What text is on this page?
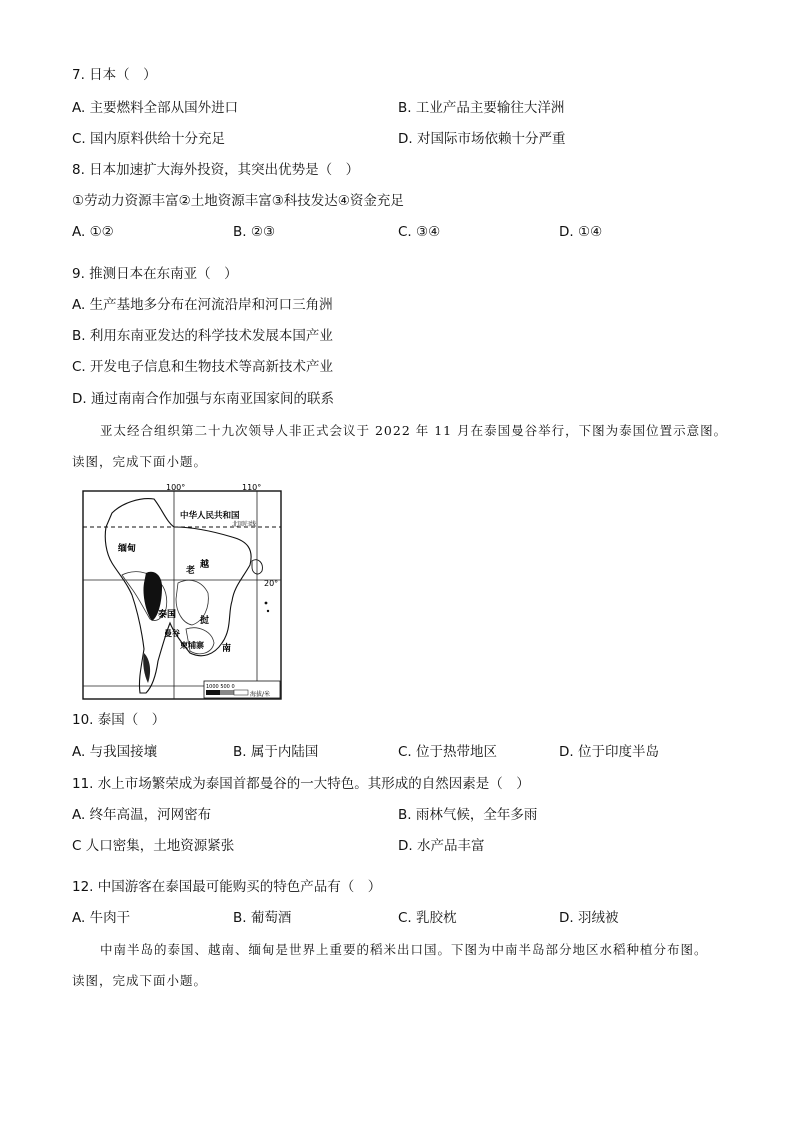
7. 日本（　）
A. 主要燃料全部从国外进口	B. 工业产品主要输往大洋洲
C. 国内原料供给十分充足	D. 对国际市场依赖十分严重
8. 日本加速扩大海外投资，其突出优势是（　）
①劳动力资源丰富②土地资源丰富③科技发达④资金充足
A. ①②	B. ②③	C. ③④	D. ①④
9. 推测日本在东南亚（　）
A. 生产基地多分布在河流沿岸和河口三角洲
B. 利用东南亚发达的科学技术发展本国产业
C. 开发电子信息和生物技术等高新技术产业
D. 通过南南合作加强与东南亚国家间的联系
亚太经合组织第二十九次领导人非正式会议于 2022 年 11 月在泰国曼谷举行，下图为泰国位置示意图。
读图，完成下面小题。
100°	110°
20°
中华人民共和国
北回归线
缅甸
老
越
挝
泰国
曼谷
柬埔寨 南
1000 500 0
海拔/米
10. 泰国（　）
A. 与我国接壤	B. 属于内陆国	C. 位于热带地区	D. 位于印度半岛
11. 水上市场繁荣成为泰国首都曼谷的一大特色。其形成的自然因素是（　）
A. 终年高温，河网密布	B. 雨林气候，全年多雨
C 人口密集，土地资源紧张	D. 水产品丰富
12. 中国游客在泰国最可能购买的特色产品有（　）
A. 牛肉干	B. 葡萄酒	C. 乳胶枕	D. 羽绒被
中南半岛的泰国、越南、缅甸是世界上重要的稻米出口国。下图为中南半岛部分地区水稻种植分布图。
读图，完成下面小题。
